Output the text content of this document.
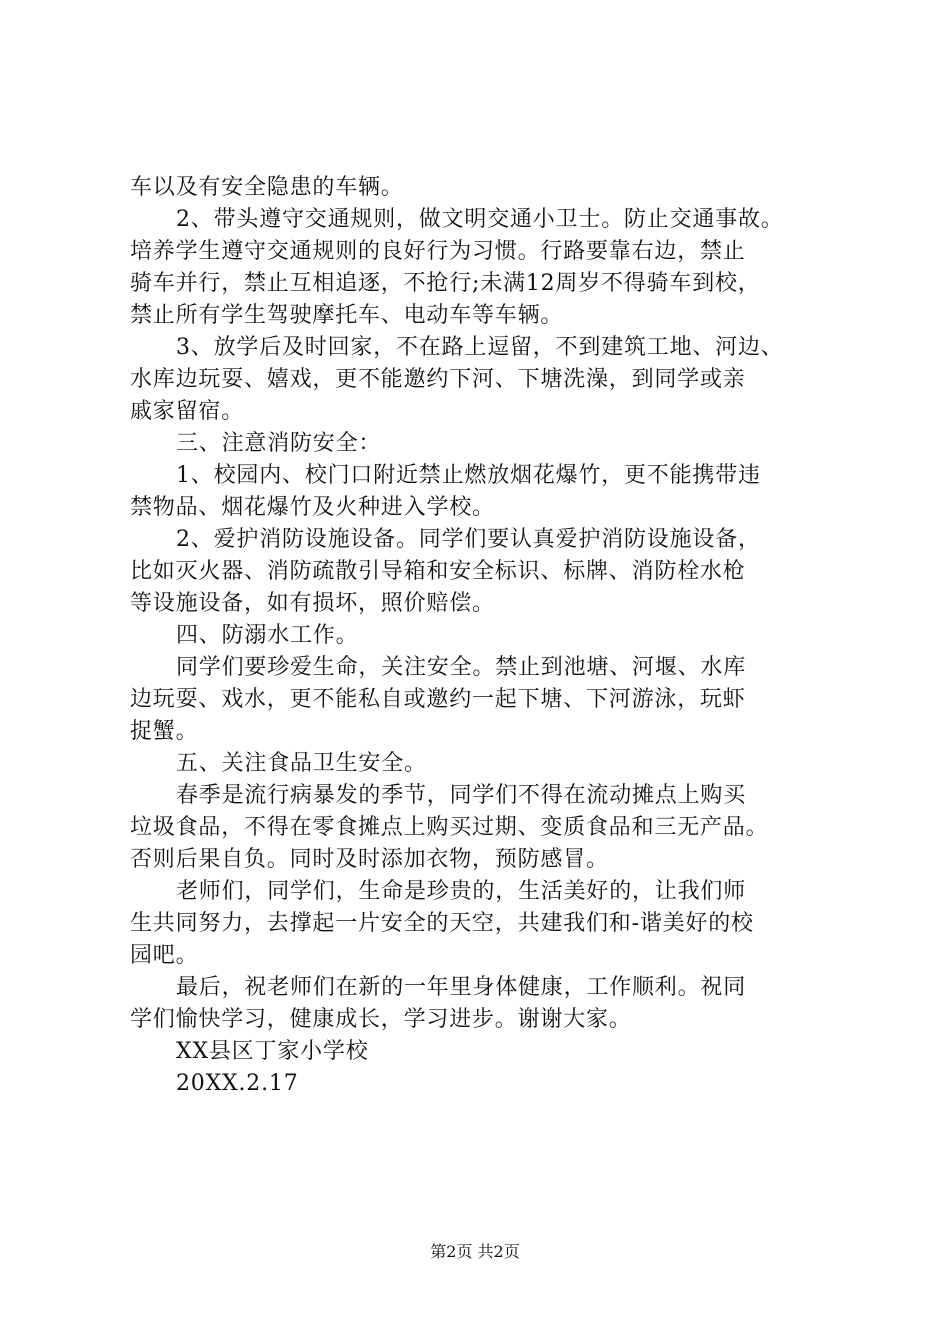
车以及有安全隐患的车辆。
2、带头遵守交通规则，做文明交通小卫士。防止交通事故。
培养学生遵守交通规则的良好行为习惯。行路要靠右边，禁止
骑车并行，禁止互相追逐，不抢行;未满12周岁不得骑车到校，
禁止所有学生驾驶摩托车、电动车等车辆。
3、放学后及时回家，不在路上逗留，不到建筑工地、河边、
水库边玩耍、嬉戏，更不能邀约下河、下塘洗澡，到同学或亲
戚家留宿。
三、注意消防安全：
1、校园内、校门口附近禁止燃放烟花爆竹，更不能携带违
禁物品、烟花爆竹及火种进入学校。
2、爱护消防设施设备。同学们要认真爱护消防设施设备，
比如灭火器、消防疏散引导箱和安全标识、标牌、消防栓水枪
等设施设备，如有损坏，照价赔偿。
四、防溺水工作。
同学们要珍爱生命，关注安全。禁止到池塘、河堰、水库
边玩耍、戏水，更不能私自或邀约一起下塘、下河游泳，玩虾
捉蟹。
五、关注食品卫生安全。
春季是流行病暴发的季节，同学们不得在流动摊点上购买
垃圾食品，不得在零食摊点上购买过期、变质食品和三无产品。
否则后果自负。同时及时添加衣物，预防感冒。
老师们，同学们，生命是珍贵的，生活美好的，让我们师
生共同努力，去撑起一片安全的天空，共建我们和-谐美好的校
园吧。
最后，祝老师们在新的一年里身体健康，工作顺利。祝同
学们愉快学习，健康成长，学习进步。谢谢大家。
XX县区丁家小学校
20XX.2.17
第2页 共2页
